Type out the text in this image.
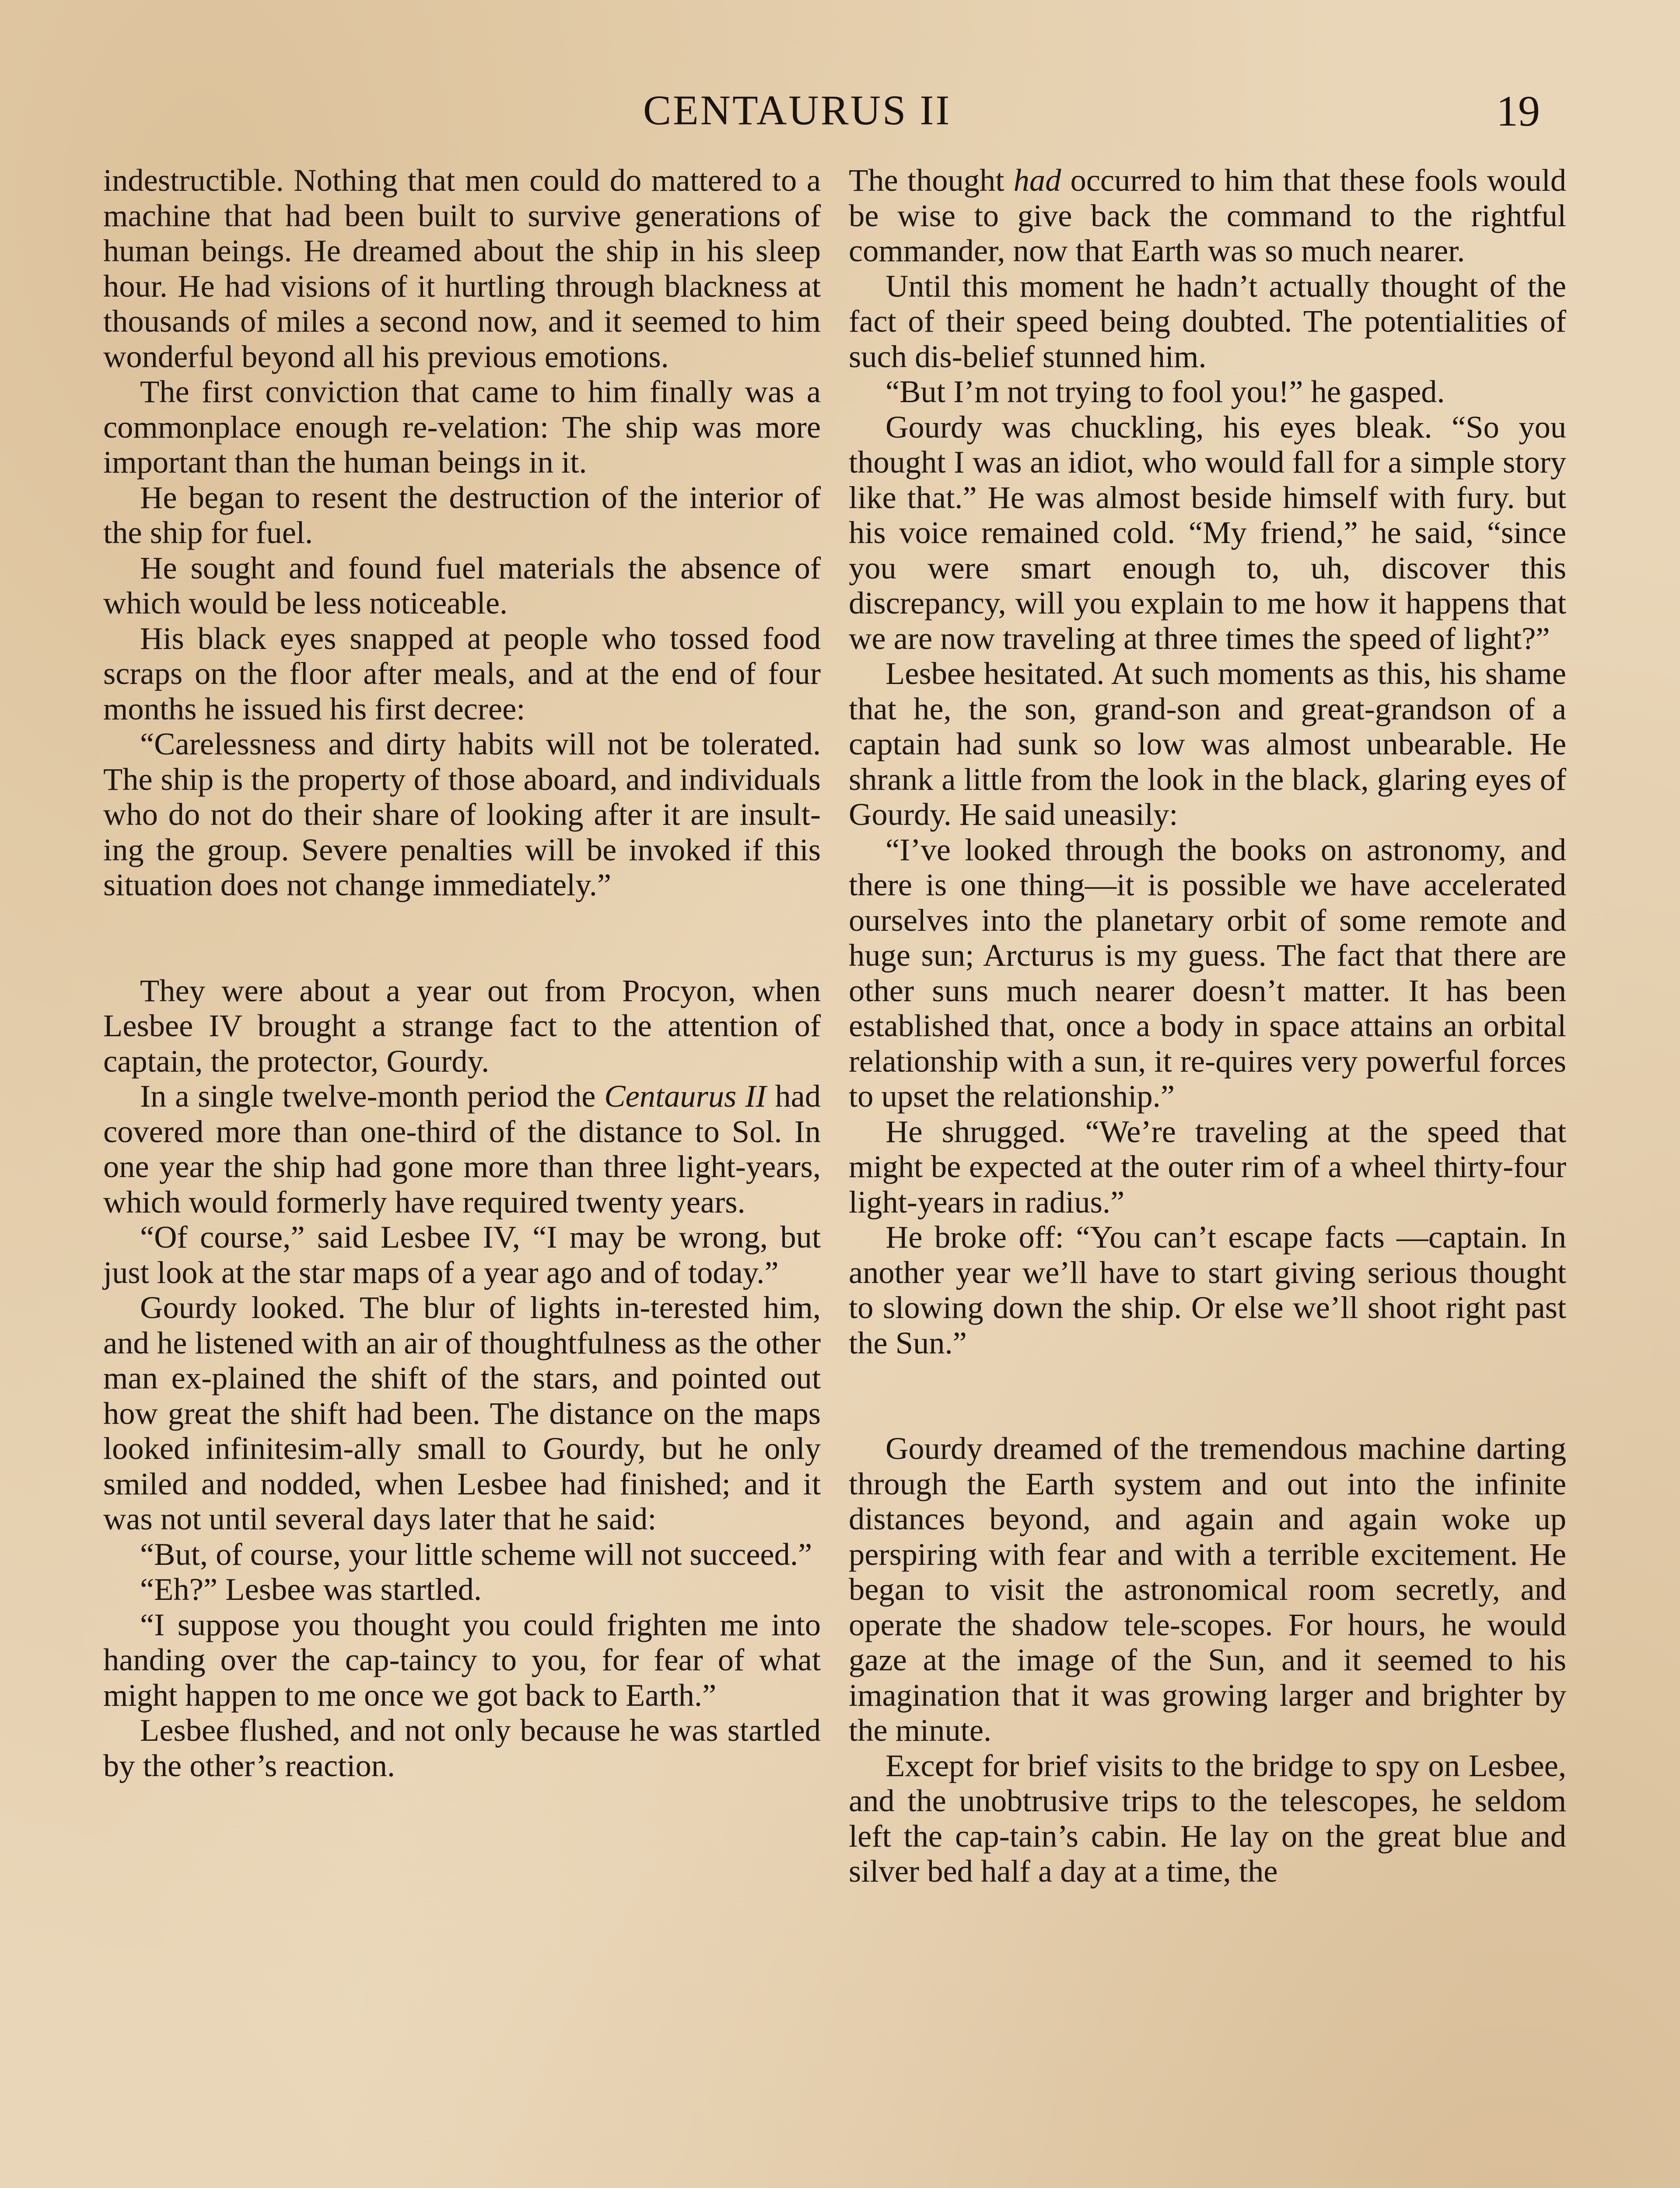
CENTAURUS II	19

indestructible. Nothing that men could do mattered to a machine that had been built to survive generations of human beings. He dreamed about the ship in his sleep hour. He had visions of it hurtling through blackness at thousands of miles a second now, and it seemed to him wonderful beyond all his previous emotions.

The first conviction that came to him finally was a commonplace enough re-velation: The ship was more important than the human beings in it.

He began to resent the destruction of the interior of the ship for fuel.

He sought and found fuel materials the absence of which would be less noticeable.

His black eyes snapped at people who tossed food scraps on the floor after meals, and at the end of four months he issued his first decree:

“Carelessness and dirty habits will not be tolerated. The ship is the property of those aboard, and individuals who do not do their share of looking after it are insult-ing the group. Severe penalties will be invoked if this situation does not change immediately.”

They were about a year out from Procyon, when Lesbee IV brought a strange fact to the attention of captain, the protector, Gourdy.

In a single twelve-month period the Centaurus II had covered more than one-third of the distance to Sol. In one year the ship had gone more than three light-years, which would formerly have required twenty years.

“Of course,” said Lesbee IV, “I may be wrong, but just look at the star maps of a year ago and of today.”

Gourdy looked. The blur of lights in-terested him, and he listened with an air of thoughtfulness as the other man ex-plained the shift of the stars, and pointed out how great the shift had been. The distance on the maps looked infinitesim-ally small to Gourdy, but he only smiled and nodded, when Lesbee had finished; and it was not until several days later that he said:

“But, of course, your little scheme will not succeed.”

“Eh?” Lesbee was startled.

“I suppose you thought you could frighten me into handing over the cap-taincy to you, for fear of what might happen to me once we got back to Earth.”

Lesbee flushed, and not only because he was startled by the other’s reaction.

The thought had occurred to him that these fools would be wise to give back the command to the rightful commander, now that Earth was so much nearer.

Until this moment he hadn’t actually thought of the fact of their speed being doubted. The potentialities of such dis-belief stunned him.

“But I’m not trying to fool you!” he gasped.

Gourdy was chuckling, his eyes bleak. “So you thought I was an idiot, who would fall for a simple story like that.” He was almost beside himself with fury. but his voice remained cold. “My friend,” he said, “since you were smart enough to, uh, discover this discrepancy, will you explain to me how it happens that we are now traveling at three times the speed of light?”

Lesbee hesitated. At such moments as this, his shame that he, the son, grand-son and great-grandson of a captain had sunk so low was almost unbearable. He shrank a little from the look in the black, glaring eyes of Gourdy. He said uneasily:

“I’ve looked through the books on astronomy, and there is one thing—it is possible we have accelerated ourselves into the planetary orbit of some remote and huge sun; Arcturus is my guess. The fact that there are other suns much nearer doesn’t matter. It has been established that, once a body in space attains an orbital relationship with a sun, it re-quires very powerful forces to upset the relationship.”

He shrugged. “We’re traveling at the speed that might be expected at the outer rim of a wheel thirty-four light-years in radius.”

He broke off: “You can’t escape facts —captain. In another year we’ll have to start giving serious thought to slowing down the ship. Or else we’ll shoot right past the Sun.”

Gourdy dreamed of the tremendous machine darting through the Earth system and out into the infinite distances beyond, and again and again woke up perspiring with fear and with a terrible excitement. He began to visit the astronomical room secretly, and operate the shadow tele-scopes. For hours, he would gaze at the image of the Sun, and it seemed to his imagination that it was growing larger and brighter by the minute.

Except for brief visits to the bridge to spy on Lesbee, and the unobtrusive trips to the telescopes, he seldom left the cap-tain’s cabin. He lay on the great blue and silver bed half a day at a time, the
